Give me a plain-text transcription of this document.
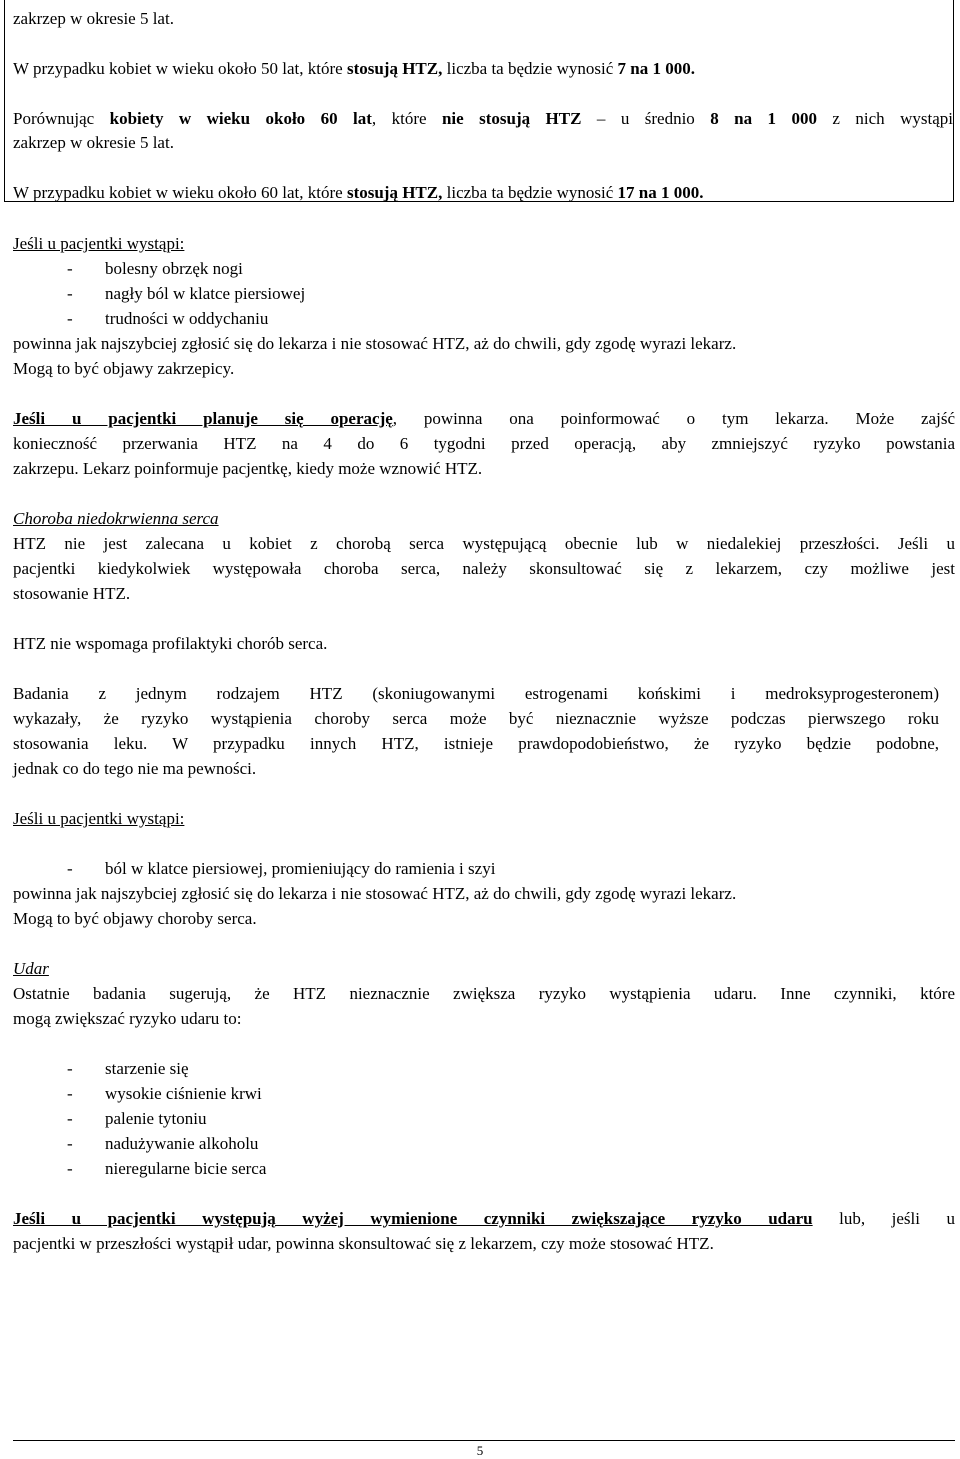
zakrzep w okresie 5 lat.

W przypadku kobiet w wieku około 50 lat, które stosują HTZ, liczba ta będzie wynosić 7 na 1 000.

Porównując kobiety w wieku około 60 lat, które nie stosują HTZ – u średnio 8 na 1 000 z nich wystąpi

zakrzep w okresie 5 lat.

W przypadku kobiet w wieku około 60 lat, które stosują HTZ, liczba ta będzie wynosić 17 na 1 000.

Jeśli u pacjentki wystąpi:

- bolesny obrzęk nogi
- nagły ból w klatce piersiowej
- trudności w oddychaniu

powinna jak najszybciej zgłosić się do lekarza i nie stosować HTZ, aż do chwili, gdy zgodę wyrazi lekarz.

Mogą to być objawy zakrzepicy.

Jeśli u pacjentki planuje się operację, powinna ona poinformować o tym lekarza. Może zajść

konieczność przerwania HTZ na 4 do 6 tygodni przed operacją, aby zmniejszyć ryzyko powstania

zakrzepu. Lekarz poinformuje pacjentkę, kiedy może wznowić HTZ.

Choroba niedokrwienna serca

HTZ nie jest zalecana u kobiet z chorobą serca występującą obecnie lub w niedalekiej przeszłości. Jeśli u

pacjentki kiedykolwiek występowała choroba serca, należy skonsultować się z lekarzem, czy możliwe jest

stosowanie HTZ.

HTZ nie wspomaga profilaktyki chorób serca.

Badania z jednym rodzajem HTZ (skoniugowanymi estrogenami końskimi i medroksyprogesteronem)

wykazały, że ryzyko wystąpienia choroby serca może być nieznacznie wyższe podczas pierwszego roku

stosowania leku. W przypadku innych HTZ, istnieje prawdopodobieństwo, że ryzyko będzie podobne,

jednak co do tego nie ma pewności.

Jeśli u pacjentki wystąpi:

- ból w klatce piersiowej, promieniujący do ramienia i szyi

powinna jak najszybciej zgłosić się do lekarza i nie stosować HTZ, aż do chwili, gdy zgodę wyrazi lekarz.

Mogą to być objawy choroby serca.

Udar

Ostatnie badania sugerują, że HTZ nieznacznie zwiększa ryzyko wystąpienia udaru. Inne czynniki, które

mogą zwiększać ryzyko udaru to:

- starzenie się
- wysokie ciśnienie krwi
- palenie tytoniu
- nadużywanie alkoholu
- nieregularne bicie serca

Jeśli u pacjentki występują wyżej wymienione czynniki zwiększające ryzyko udaru lub, jeśli u

pacjentki w przeszłości wystąpił udar, powinna skonsultować się z lekarzem, czy może stosować HTZ.

5
